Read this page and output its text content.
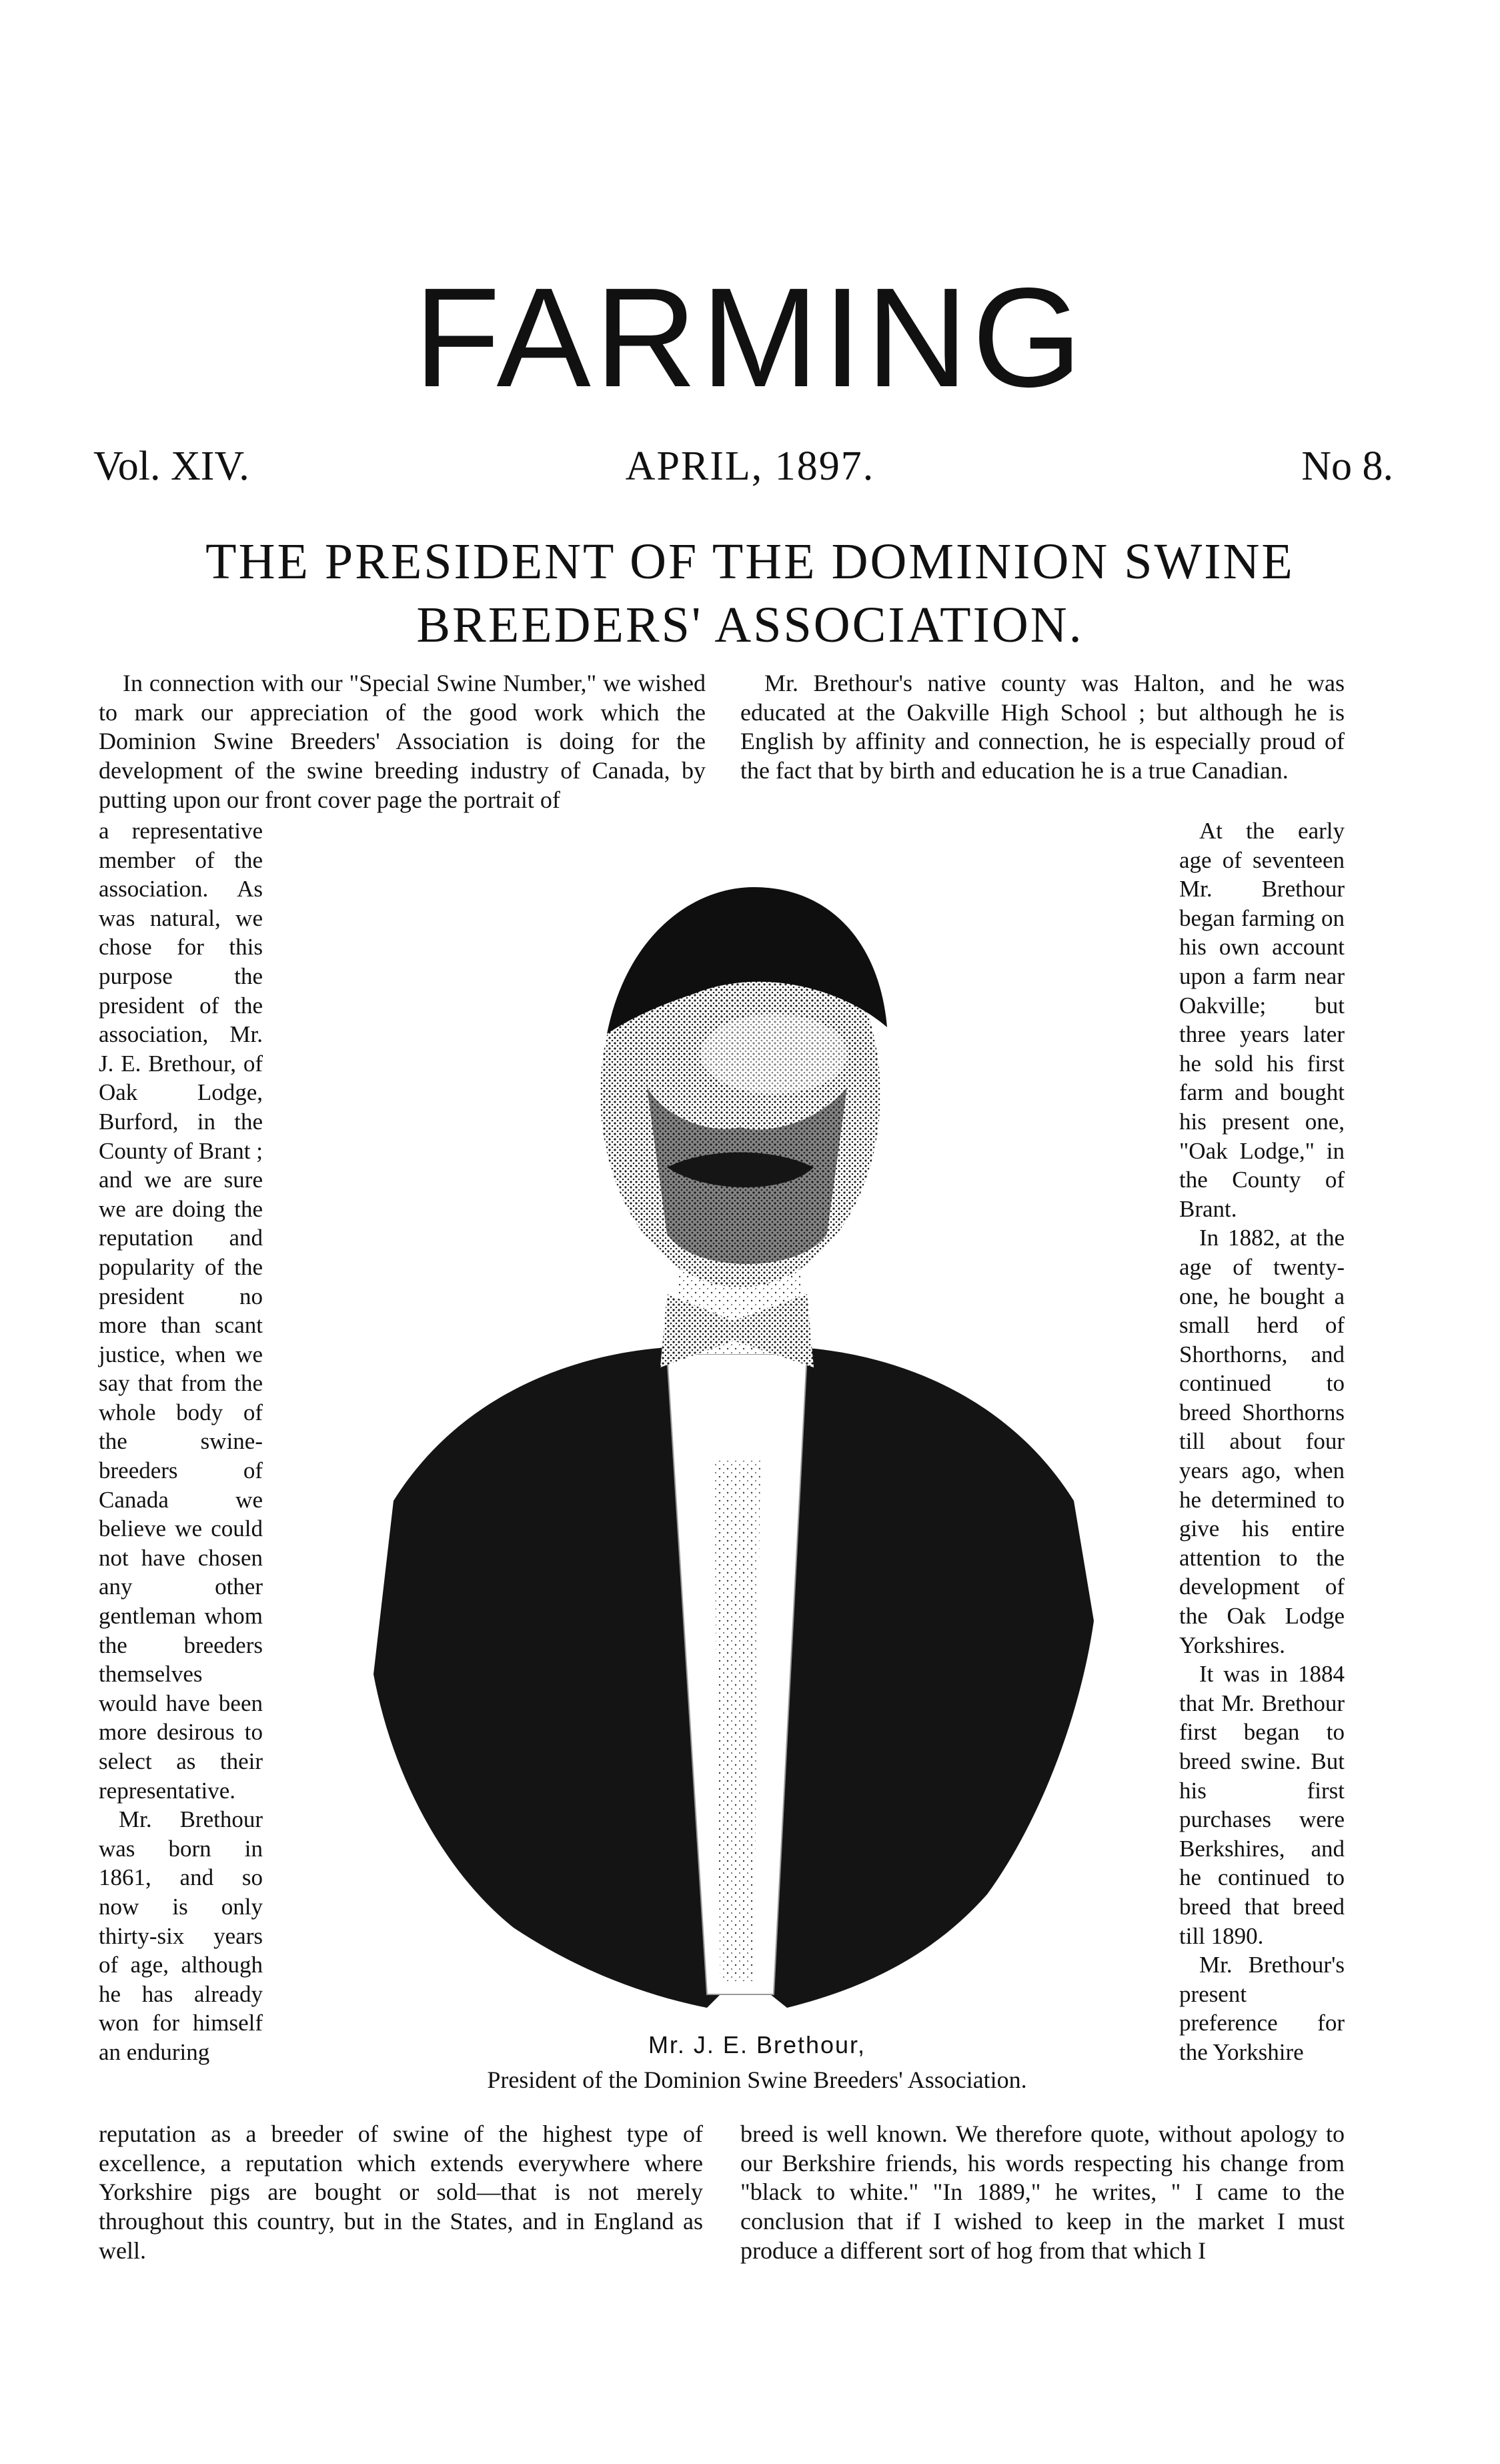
FARMING
Vol. XIV.	APRIL, 1897.	No 8.
THE PRESIDENT OF THE DOMINION SWINE
BREEDERS' ASSOCIATION.

In connection with our "Special Swine Number," we wished to mark our appreciation of the good work which the Dominion Swine Breeders' Association is doing for the development of the swine breeding industry of Canada, by putting upon our front cover page the portrait of

Mr. Brethour's native county was Halton, and he was educated at the Oakville High School ; but although he is English by affinity and connection, he is especially proud of the fact that by birth and education he is a true Canadian.

a representative member of the association. As was natural, we chose for this purpose the president of the association, Mr. J. E. Brethour, of Oak Lodge, Burford, in the County of Brant ; and we are sure we are doing the reputation and popularity of the president no more than scant justice, when we say that from the whole body of the swine-breeders of Canada we believe we could not have chosen any other gentleman whom the breeders themselves would have been more desirous to select as their representative.

Mr. Brethour was born in 1861, and so now is only thirty-six years of age, although he has already won for himself an enduring

At the early age of seventeen Mr. Brethour began farming on his own account upon a farm near Oakville; but three years later he sold his first farm and bought his present one, "Oak Lodge," in the County of Brant.

In 1882, at the age of twenty-one, he bought a small herd of Shorthorns, and continued to breed Shorthorns till about four years ago, when he determined to give his entire attention to the development of the Oak Lodge Yorkshires.

It was in 1884 that Mr. Brethour first began to breed swine. But his first purchases were Berkshires, and he continued to breed that breed till 1890.

Mr. Brethour's present preference for the Yorkshire

Mr. J. E. Brethour,
President of the Dominion Swine Breeders' Association.

reputation as a breeder of swine of the highest type of excellence, a reputation which extends everywhere where Yorkshire pigs are bought or sold—that is not merely throughout this country, but in the States, and in England as well.

breed is well known. We therefore quote, without apology to our Berkshire friends, his words respecting his change from "black to white." "In 1889," he writes, " I came to the conclusion that if I wished to keep in the market I must produce a different sort of hog from that which I
